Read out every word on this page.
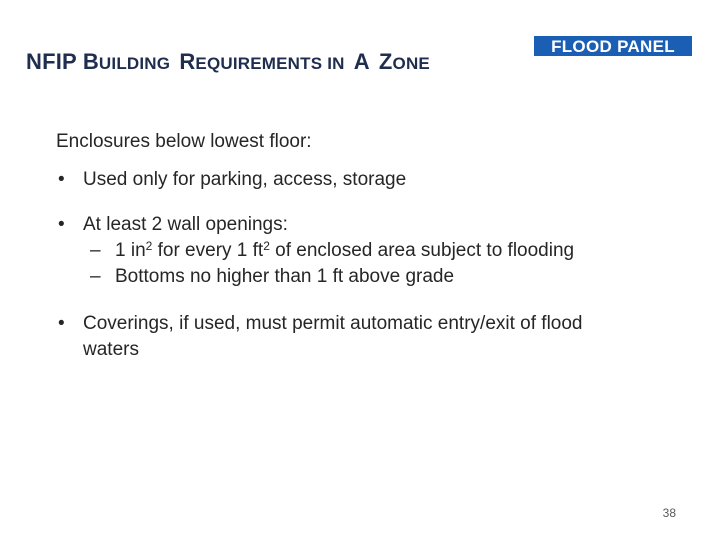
NFIP BUILDING REQUIREMENTS IN A ZONE
FLOOD PANEL

Enclosures below lowest floor:

• Used only for parking, access, storage

• At least 2 wall openings:

– 1 $in^2$ for every 1 $ft^2$ of enclosed area subject to flooding

– Bottoms no higher than 1 ft above grade

• Coverings, if used, must permit automatic entry/exit of flood waters

38
